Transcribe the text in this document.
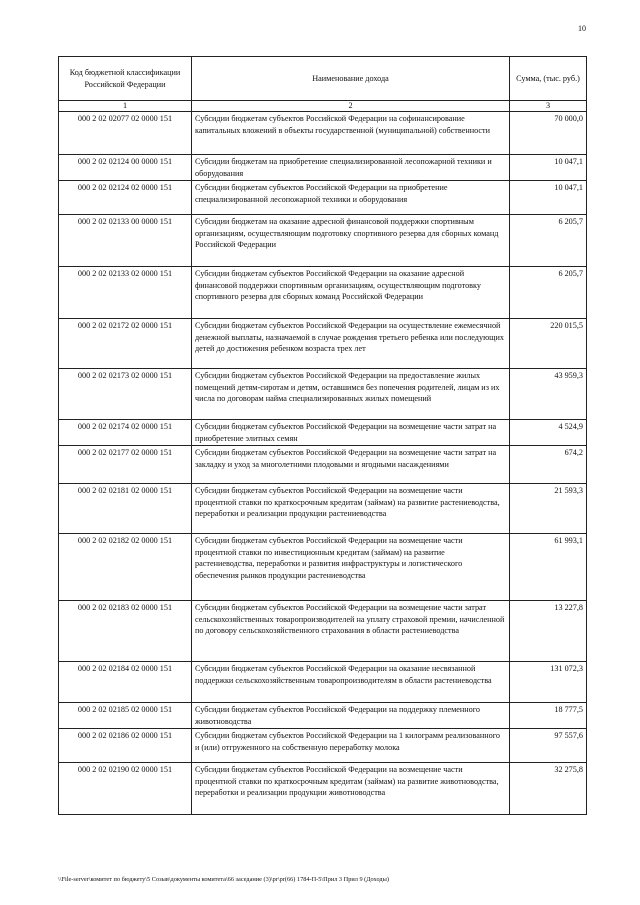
10
Код бюджетной классификации Российской Федерации	Наименование дохода	Сумма, (тыс. руб.)
1	2	3
000 2 02 02077 02 0000 151	Субсидии бюджетам субъектов Российской Федерации на софинансирование капитальных вложений в объекты государственной (муниципальной) собственности	70 000,0
000 2 02 02124 00 0000 151	Субсидии бюджетам на приобретение специализированной лесопожарной техники и оборудования	10 047,1
000 2 02 02124 02 0000 151	Субсидии бюджетам субъектов Российской Федерации на приобретение специализированной лесопожарной техники и оборудования	10 047,1
000 2 02 02133 00 0000 151	Субсидии бюджетам на оказание адресной финансовой поддержки спортивным организациям, осуществляющим подготовку спортивного резерва для сборных команд Российской Федерации	6 205,7
000 2 02 02133 02 0000 151	Субсидии бюджетам субъектов Российской Федерации на оказание адресной финансовой поддержки спортивным организациям, осуществляющим подготовку спортивного резерва для сборных команд Российской Федерации	6 205,7
000 2 02 02172 02 0000 151	Субсидии бюджетам субъектов Российской Федерации на осуществление ежемесячной денежной выплаты, назначаемой в случае рождения третьего ребенка или последующих детей до достижения ребенком возраста трех лет	220 015,5
000 2 02 02173 02 0000 151	Субсидии бюджетам субъектов Российской Федерации на предоставление жилых помещений детям-сиротам и детям, оставшимся без попечения родителей, лицам из их числа по договорам найма специализированных жилых помещений	43 959,3
000 2 02 02174 02 0000 151	Субсидии бюджетам субъектов Российской Федерации на возмещение части затрат на приобретение элитных семян	4 524,9
000 2 02 02177 02 0000 151	Субсидии бюджетам субъектов Российской Федерации на возмещение части затрат на закладку и уход за многолетними плодовыми и ягодными насаждениями	674,2
000 2 02 02181 02 0000 151	Субсидии бюджетам субъектов Российской Федерации на возмещение части процентной ставки по краткосрочным кредитам (займам) на развитие растениеводства, переработки и реализации продукции растениеводства	21 593,3
000 2 02 02182 02 0000 151	Субсидии бюджетам субъектов Российской Федерации на возмещение части процентной ставки по инвестиционным кредитам (займам) на развитие растениеводства, переработки и развития инфраструктуры и логистического обеспечения рынков продукции растениеводства	61 993,1
000 2 02 02183 02 0000 151	Субсидии бюджетам субъектов Российской Федерации на возмещение части затрат сельскохозяйственных товаропроизводителей на уплату страховой премии, начисленной по договору сельскохозяйственного страхования в области растениеводства	13 227,8
000 2 02 02184 02 0000 151	Субсидии бюджетам субъектов Российской Федерации на оказание несвязанной поддержки сельскохозяйственным товаропроизводителям в области растениеводства	131 072,3
000 2 02 02185 02 0000 151	Субсидии бюджетам субъектов Российской Федерации на поддержку племенного животноводства	18 777,5
000 2 02 02186 02 0000 151	Субсидии бюджетам субъектов Российской Федерации на 1 килограмм реализованного и (или) отгруженного на собственную переработку молока	97 557,6
000 2 02 02190 02 0000 151	Субсидии бюджетам субъектов Российской Федерации на возмещение части процентной ставки по краткосрочным кредитам (займам) на развитие животноводства, переработки и реализации продукции животноводства	32 275,8
\\File-server\комитет по бюджету\5 Созыв\документы комитета\66 заседание (3)\pr\pr(66) 1784-П-5\Прил 3 Прил 9 (Доходы)
